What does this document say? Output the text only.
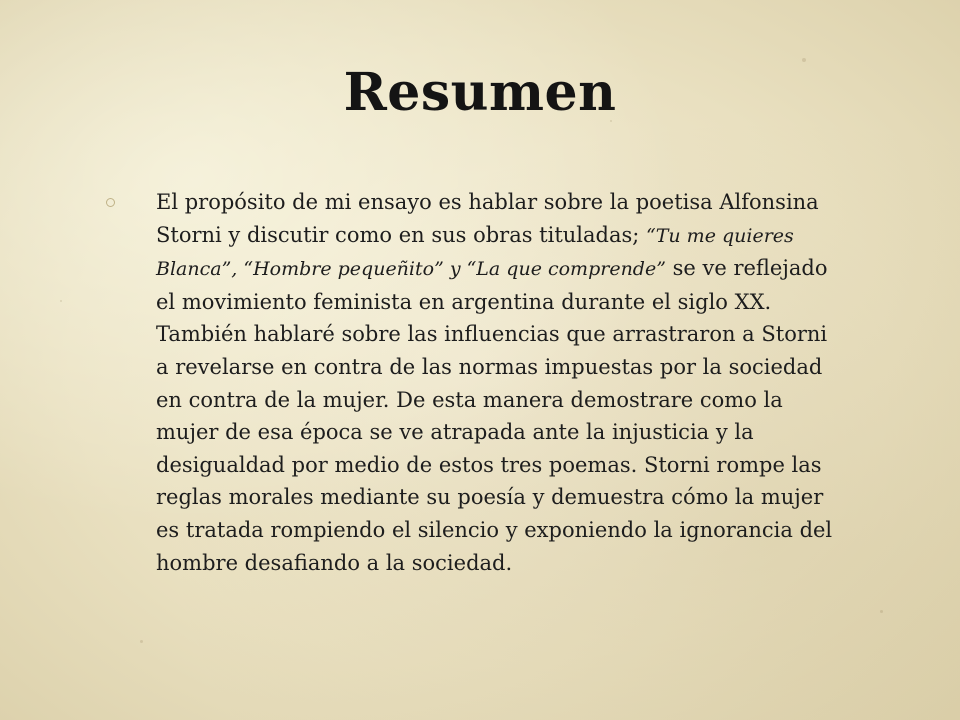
Resumen
El propósito de mi ensayo es hablar sobre la poetisa Alfonsina Storni y discutir como en sus obras tituladas; “Tu me quieres Blanca”, “Hombre pequeñito” y “La que comprende” se ve reflejado el movimiento feminista en argentina durante el siglo XX. También hablaré sobre las influencias que arrastraron a Storni a revelarse en contra de las normas impuestas por la sociedad en contra de la mujer. De esta manera demostrare como la mujer de esa época se ve atrapada ante la injusticia y la desigualdad por medio de estos tres poemas. Storni rompe las reglas morales mediante su poesía y demuestra cómo la mujer es tratada rompiendo el silencio y exponiendo la ignorancia del hombre desafiando a la sociedad.
